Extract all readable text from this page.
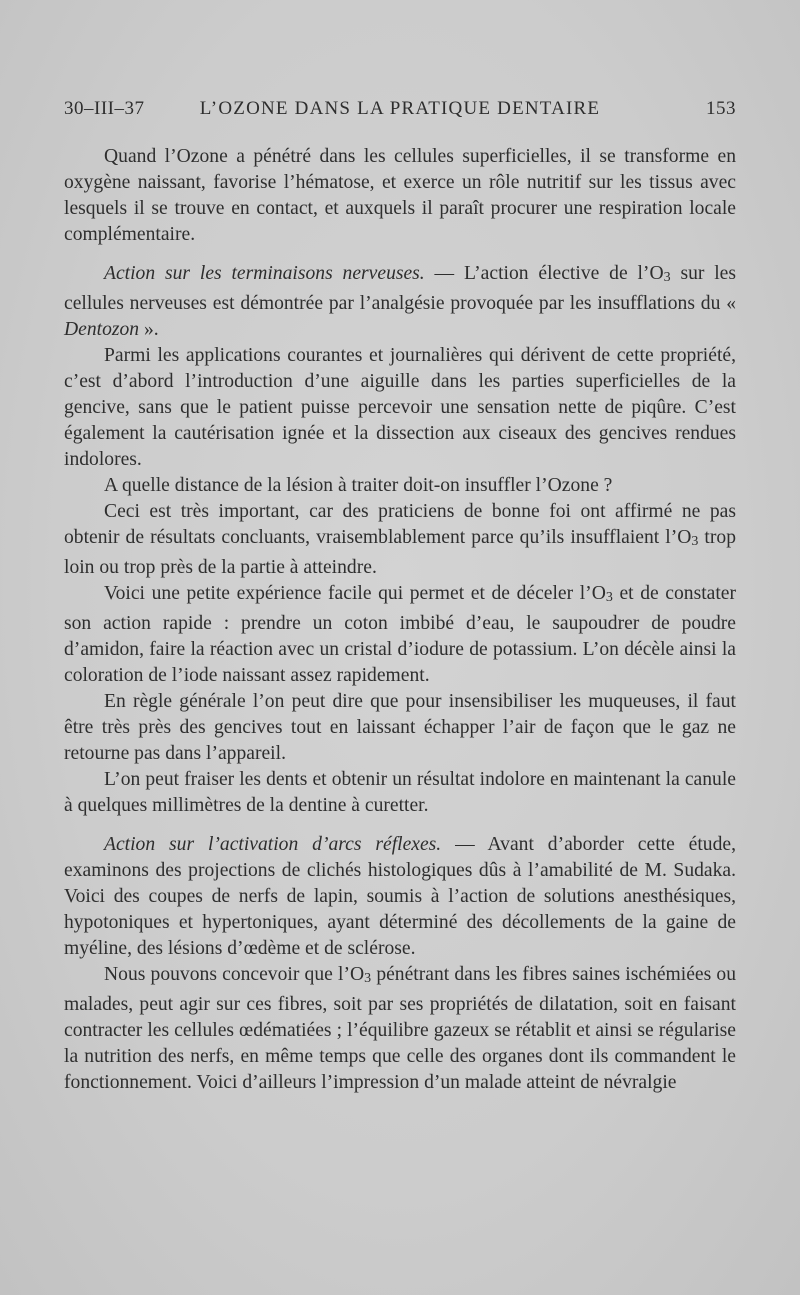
30–III–37	L’OZONE DANS LA PRATIQUE DENTAIRE	153

Quand l’Ozone a pénétré dans les cellules superficielles, il se transforme en oxygène naissant, favorise l’hématose, et exerce un rôle nutritif sur les tissus avec lesquels il se trouve en contact, et auxquels il paraît procurer une respiration locale complémentaire.

Action sur les terminaisons nerveuses. — L’action élective de l’O3 sur les cellules nerveuses est démontrée par l’analgésie provoquée par les insufflations du « Dentozon ».

Parmi les applications courantes et journalières qui dérivent de cette propriété, c’est d’abord l’introduction d’une aiguille dans les parties superficielles de la gencive, sans que le patient puisse percevoir une sensation nette de piqûre. C’est également la cautérisation ignée et la dissection aux ciseaux des gencives rendues indolores.

A quelle distance de la lésion à traiter doit-on insuffler l’Ozone ?

Ceci est très important, car des praticiens de bonne foi ont affirmé ne pas obtenir de résultats concluants, vraisemblablement parce qu’ils insufflaient l’O3 trop loin ou trop près de la partie à atteindre.

Voici une petite expérience facile qui permet et de déceler l’O3 et de constater son action rapide : prendre un coton imbibé d’eau, le saupoudrer de poudre d’amidon, faire la réaction avec un cristal d’iodure de potassium. L’on décèle ainsi la coloration de l’iode naissant assez rapidement.

En règle générale l’on peut dire que pour insensibiliser les muqueuses, il faut être très près des gencives tout en laissant échapper l’air de façon que le gaz ne retourne pas dans l’appareil.

L’on peut fraiser les dents et obtenir un résultat indolore en maintenant la canule à quelques millimètres de la dentine à curetter.

Action sur l’activation d’arcs réflexes. — Avant d’aborder cette étude, examinons des projections de clichés histologiques dûs à l’amabilité de M. Sudaka. Voici des coupes de nerfs de lapin, soumis à l’action de solutions anesthésiques, hypotoniques et hypertoniques, ayant déterminé des décollements de la gaine de myéline, des lésions d’œdème et de sclérose.

Nous pouvons concevoir que l’O3 pénétrant dans les fibres saines ischémiées ou malades, peut agir sur ces fibres, soit par ses propriétés de dilatation, soit en faisant contracter les cellules œdématiées ; l’équilibre gazeux se rétablit et ainsi se régularise la nutrition des nerfs, en même temps que celle des organes dont ils commandent le fonctionnement. Voici d’ailleurs l’impression d’un malade atteint de névralgie
